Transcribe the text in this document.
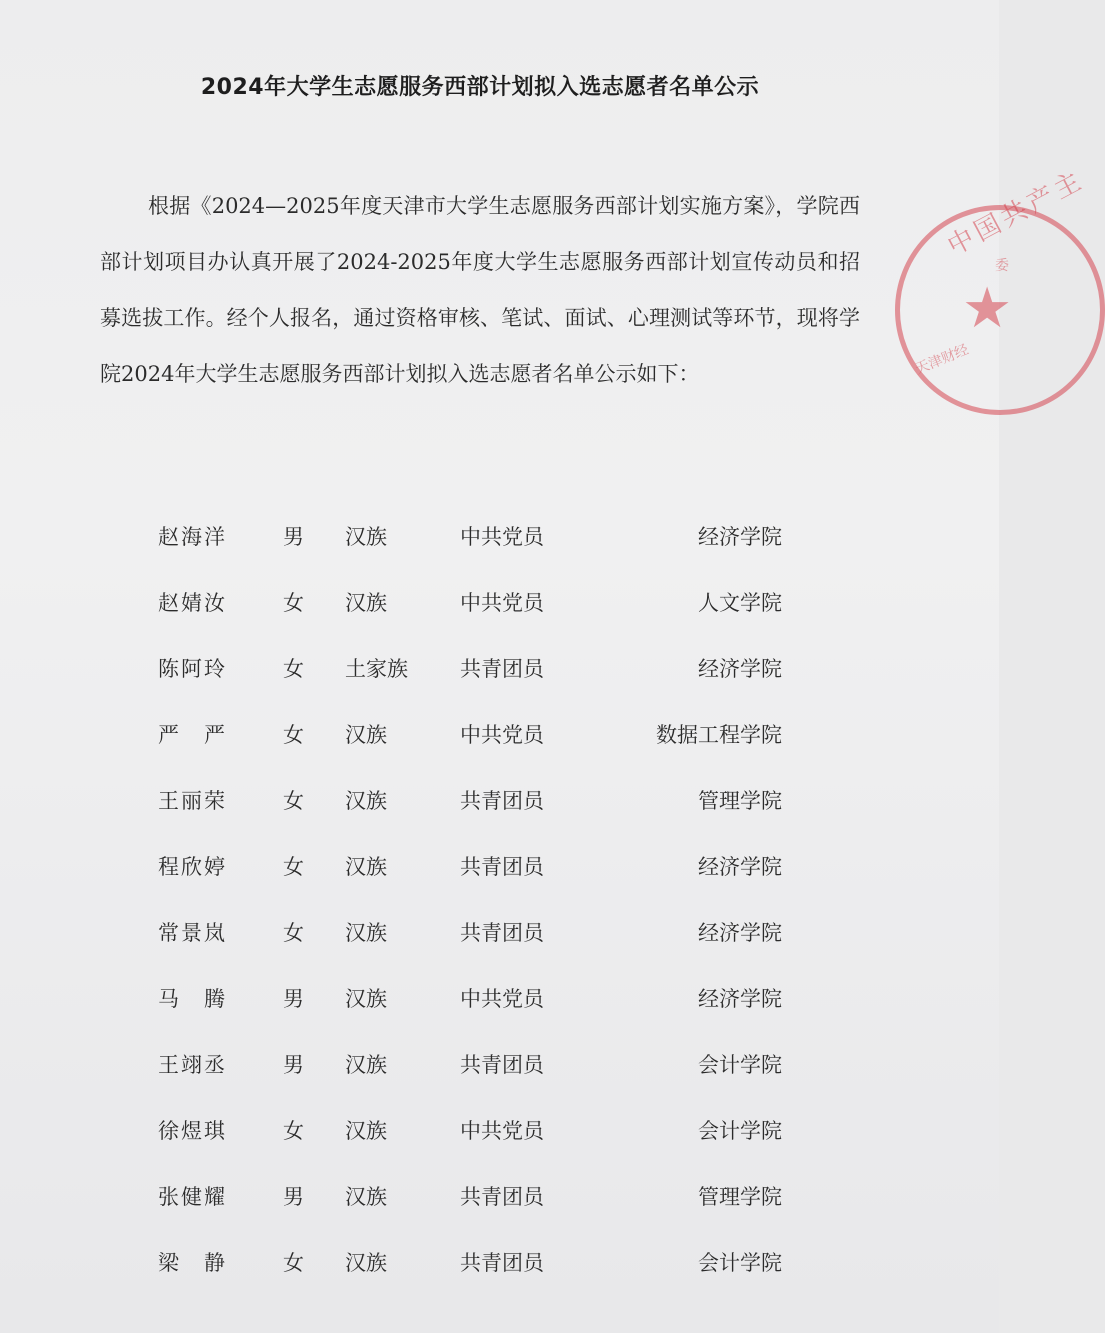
2024年大学生志愿服务西部计划拟入选志愿者名单公示
根据《2024—2025年度天津市大学生志愿服务西部计划实施方案》，学院西部计划项目办认真开展了2024-2025年度大学生志愿服务西部计划宣传动员和招募选拔工作。经个人报名，通过资格审核、笔试、面试、心理测试等环节，现将学院2024年大学生志愿服务西部计划拟入选志愿者名单公示如下：
赵海洋	男 汉族	中共党员	经济学院
赵婧汝	女 汉族	中共党员	人文学院
陈阿玲	女 土家族 共青团员	经济学院
严　严	女 汉族	中共党员	数据工程学院
王丽荣	女 汉族	共青团员	管理学院
程欣婷	女 汉族	共青团员	经济学院
常景岚	女 汉族	共青团员	经济学院
马　腾	男 汉族	中共党员	经济学院
王翊丞	男 汉族	共青团员	会计学院
徐煜琪	女 汉族	中共党员	会计学院
张健耀	男 汉族	共青团员	管理学院
梁　静	女 汉族	共青团员	会计学院
中国共产主
★
委
天津财经
